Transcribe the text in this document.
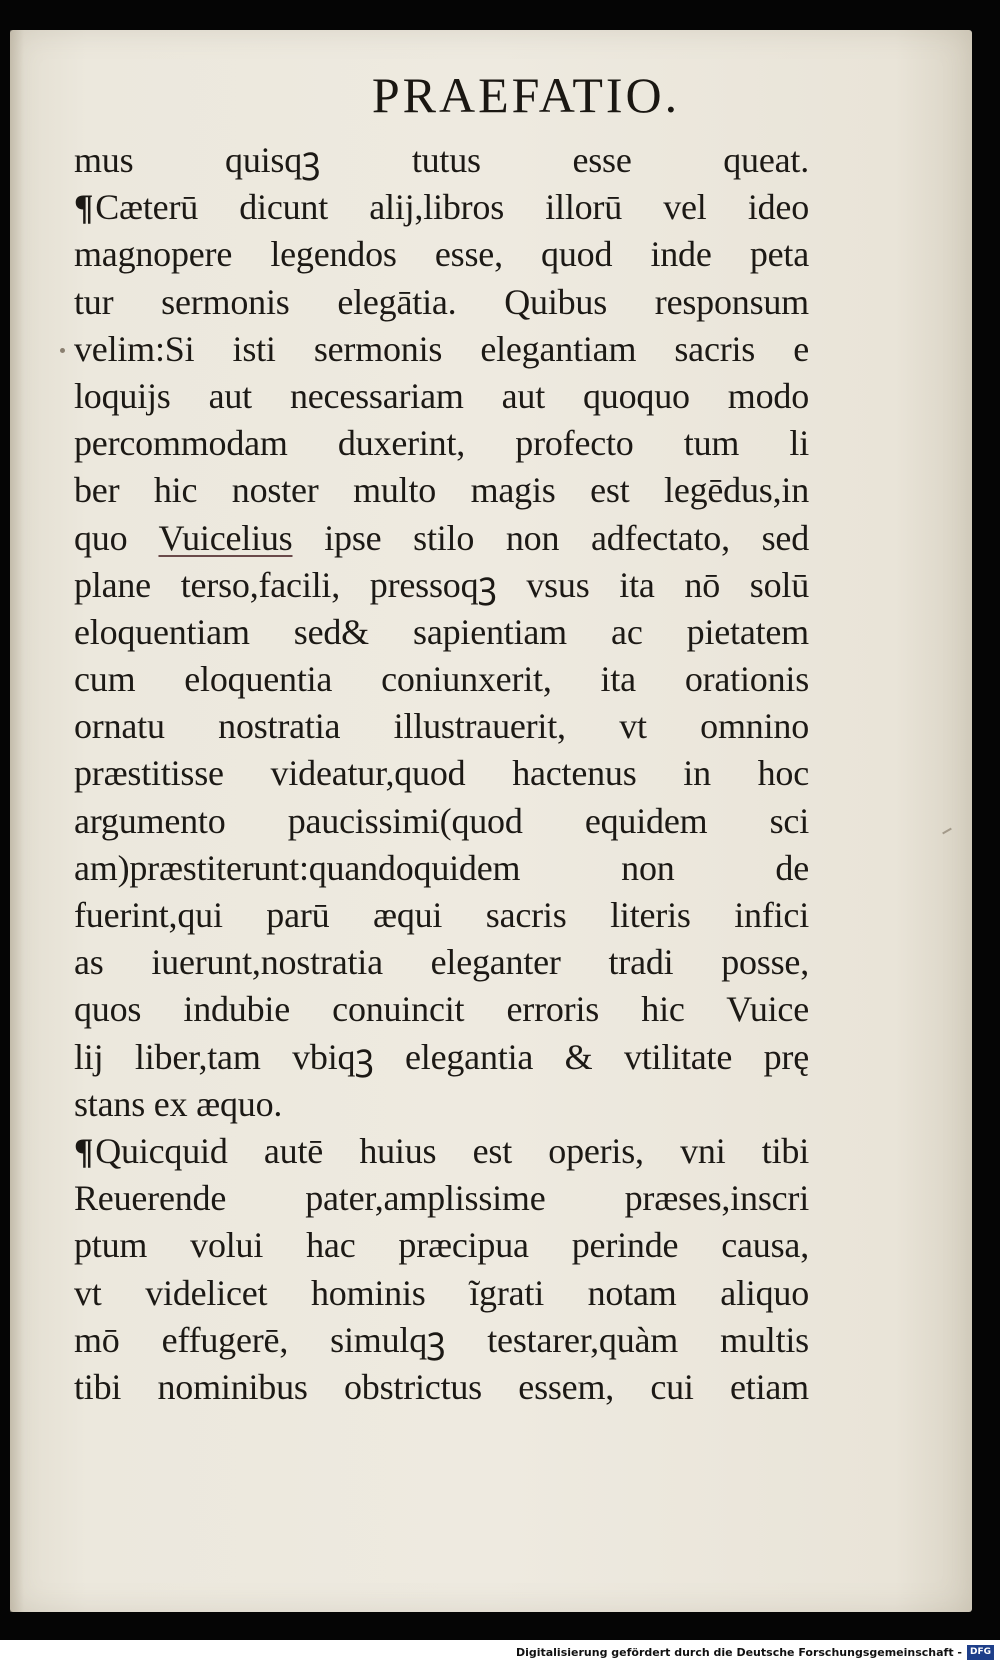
PRAEFATIO.
mus quisqꝫ tutus esse queat.
¶Cæterū dicunt alij,libros illorū vel ideo
magnopere legendos esse, quod inde peta
tur sermonis elegātia. Quibus responsum
velim:Si isti sermonis elegantiam sacris e
loquijs aut necessariam aut quoquo modo
percommodam duxerint, profecto tum li
ber hic noster multo magis est legēdus,in
quo Vuicelius ipse stilo non adfectato, sed
plane terso,facili, pressoqꝫ vsus ita nō solū
eloquentiam sed& sapientiam ac pietatem
cum eloquentia coniunxerit, ita orationis
ornatu nostratia illustrauerit, vt omnino
præstitisse videatur,quod hactenus in hoc
argumento paucissimi(quod equidem sci
am)præstiterunt:quandoquidem non de
fuerint,qui parū æqui sacris literis infici
as iuerunt,nostratia eleganter tradi posse,
quos indubie conuincit erroris hic Vuice
lij liber,tam vbiqꝫ elegantia & vtilitate prę
stans ex æquo.
¶Quicquid autē huius est operis, vni tibi
Reuerende pater,amplissime præses,inscri
ptum volui hac præcipua perinde causa,
vt videlicet hominis ĩgrati notam aliquo
mō effugerē, simulqꝫ testarer,quàm multis
tibi nominibus obstrictus essem, cui etiam
Digitalisierung gefördert durch die Deutsche Forschungsgemeinschaft - DFG
